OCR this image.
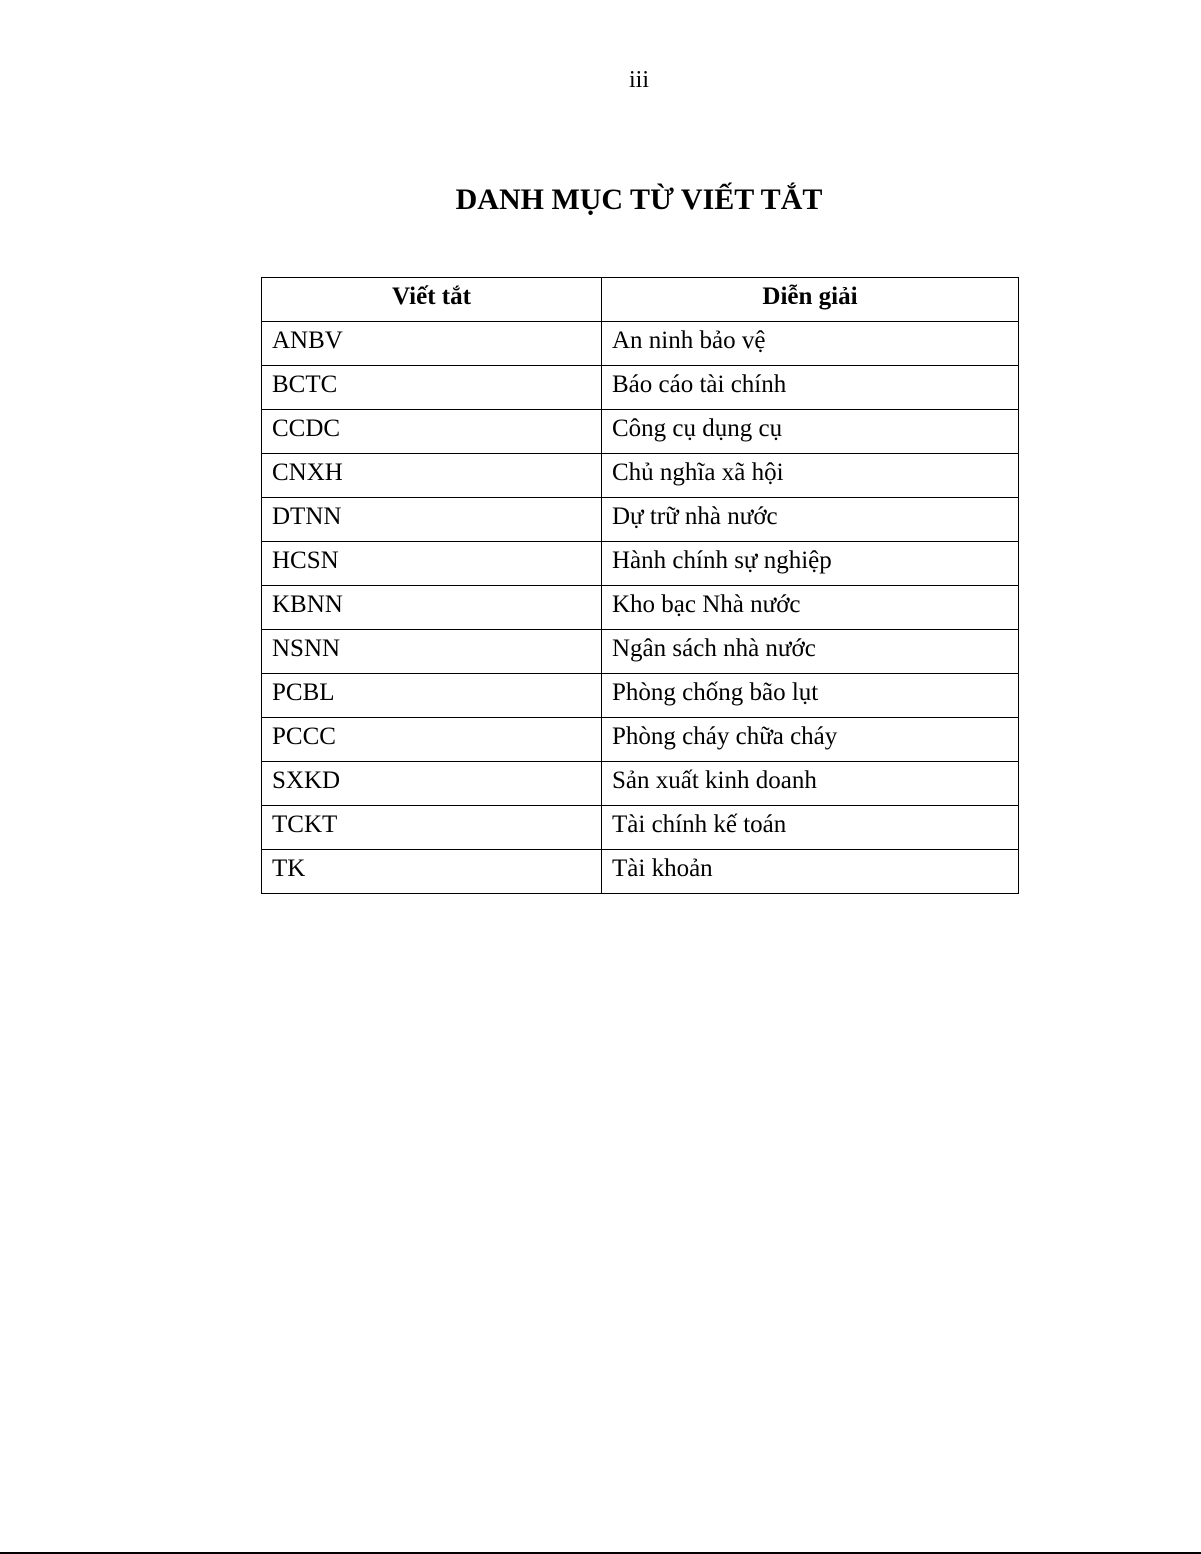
iii
DANH MỤC TỪ VIẾT TẮT
Viết tắt	Diễn giải
ANBV	An ninh bảo vệ
BCTC	Báo cáo tài chính
CCDC	Công cụ dụng cụ
CNXH	Chủ nghĩa xã hội
DTNN	Dự trữ nhà nước
HCSN	Hành chính sự nghiệp
KBNN	Kho bạc Nhà nước
NSNN	Ngân sách nhà nước
PCBL	Phòng chống bão lụt
PCCC	Phòng cháy chữa cháy
SXKD	Sản xuất kinh doanh
TCKT	Tài chính kế toán
TK	Tài khoản
